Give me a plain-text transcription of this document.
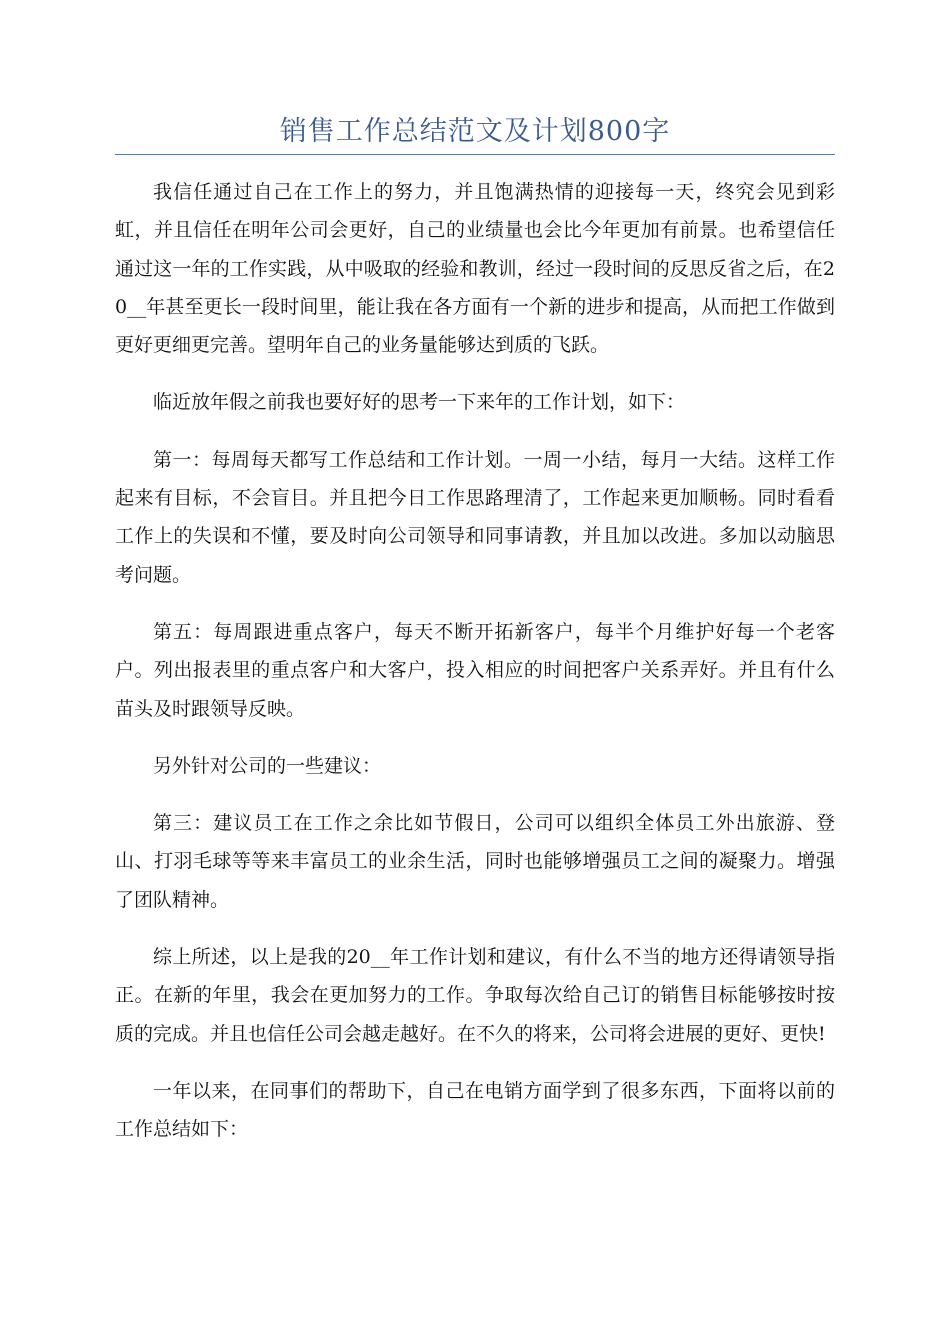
销售工作总结范文及计划800字

我信任通过自己在工作上的努力，并且饱满热情的迎接每一天，终究会见到彩虹，并且信任在明年公司会更好，自己的业绩量也会比今年更加有前景。也希望信任通过这一年的工作实践，从中吸取的经验和教训，经过一段时间的反思反省之后，在20__年甚至更长一段时间里，能让我在各方面有一个新的进步和提高，从而把工作做到更好更细更完善。望明年自己的业务量能够达到质的飞跃。

临近放年假之前我也要好好的思考一下来年的工作计划，如下：

第一：每周每天都写工作总结和工作计划。一周一小结，每月一大结。这样工作起来有目标，不会盲目。并且把今日工作思路理清了，工作起来更加顺畅。同时看看工作上的失误和不懂，要及时向公司领导和同事请教，并且加以改进。多加以动脑思考问题。

第五：每周跟进重点客户，每天不断开拓新客户，每半个月维护好每一个老客户。列出报表里的重点客户和大客户，投入相应的时间把客户关系弄好。并且有什么苗头及时跟领导反映。

另外针对公司的一些建议：

第三：建议员工在工作之余比如节假日，公司可以组织全体员工外出旅游、登山、打羽毛球等等来丰富员工的业余生活，同时也能够增强员工之间的凝聚力。增强了团队精神。

综上所述，以上是我的20__年工作计划和建议，有什么不当的地方还得请领导指正。在新的年里，我会在更加努力的工作。争取每次给自己订的销售目标能够按时按质的完成。并且也信任公司会越走越好。在不久的将来，公司将会进展的更好、更快!

一年以来，在同事们的帮助下，自己在电销方面学到了很多东西，下面将以前的工作总结如下：
